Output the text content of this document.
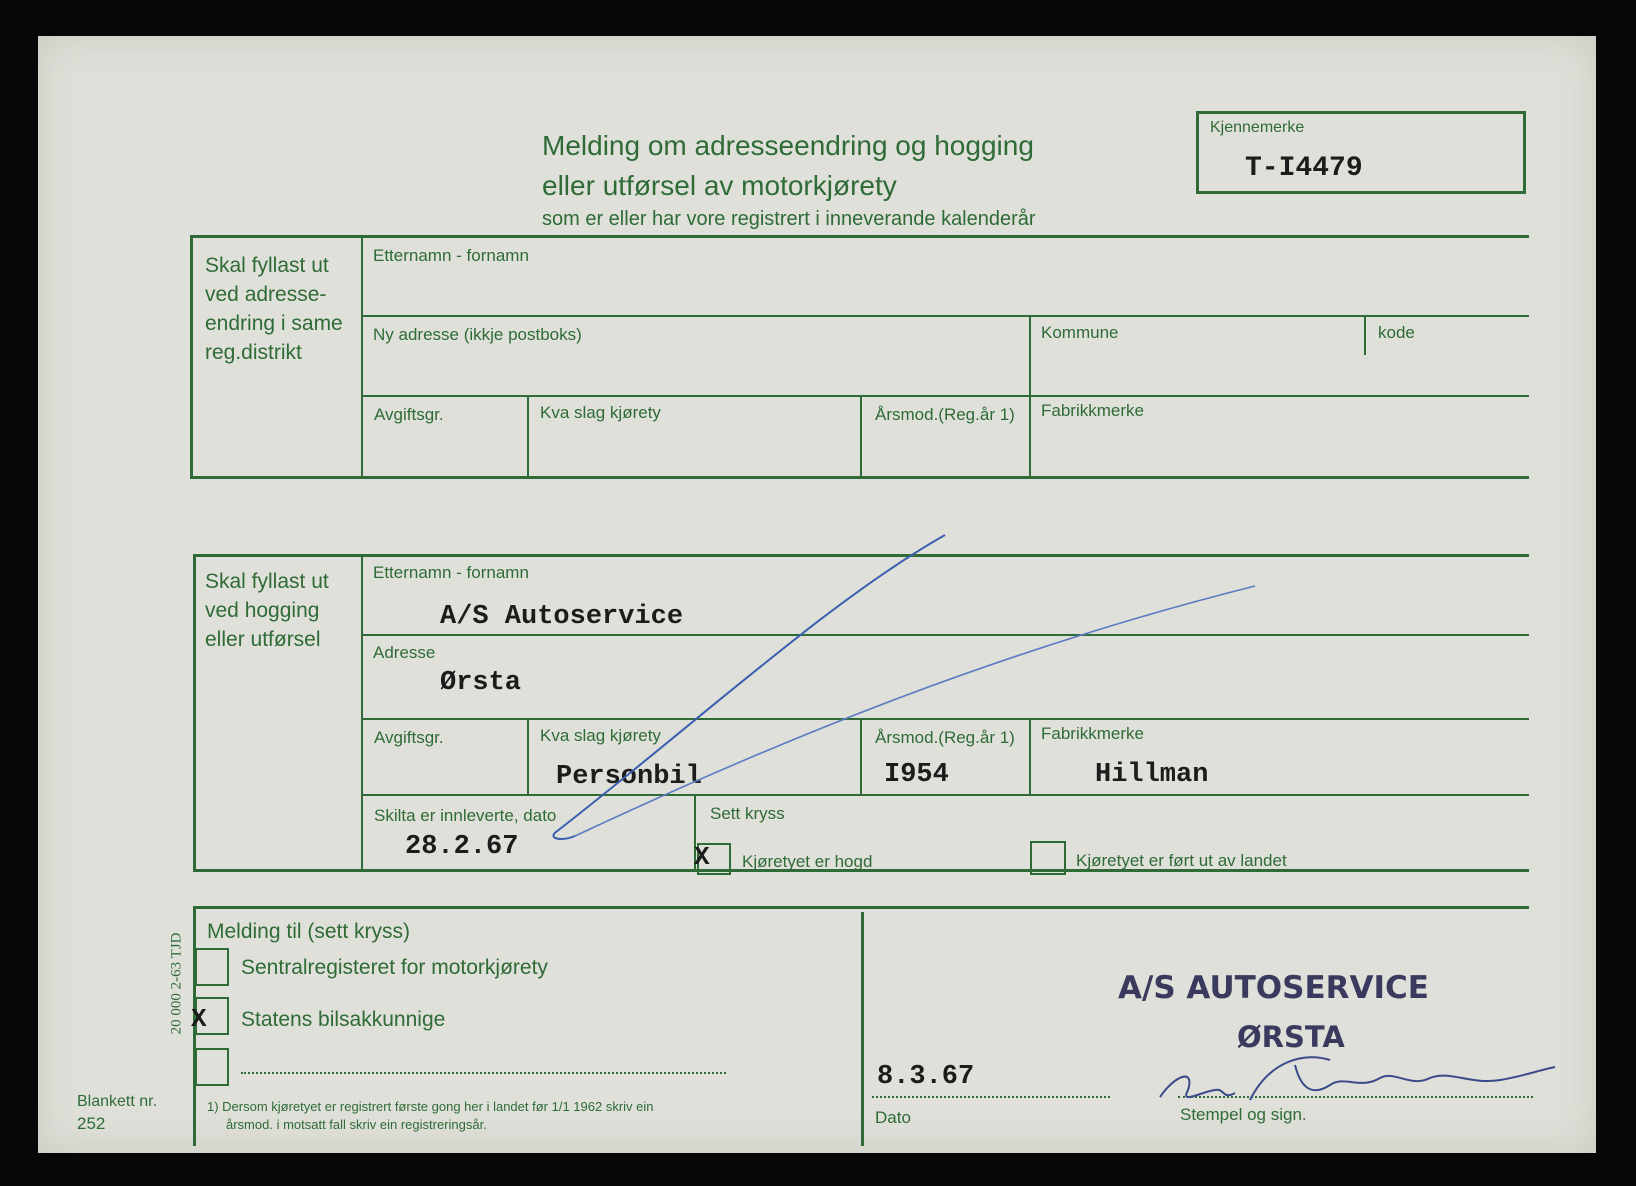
Melding om adresseendring og hogging
eller utførsel av motorkjørety
som er eller har vore registrert i inneverande kalenderår
Kjennemerke
T-I4479
Skal fyllast ut
ved adresse-
endring i same
reg.distrikt
Etternamn - fornamn
Ny adresse (ikkje postboks)	Kommune	kode
Avgiftsgr.	Kva slag kjørety	Årsmod.(Reg.år 1) Fabrikkmerke
Skal fyllast ut
ved hogging
eller utførsel
Etternamn - fornamn
A/S Autoservice
Adresse
Ørsta
Avgiftsgr.	Kva slag kjørety
Personbil
Årsmod.(Reg.år 1)
I954
Fabrikkmerke
Hillman
Skilta er innleverte, dato
28.2.67
Sett kryss
X Kjøretyet er hogd	Kjøretyet er ført ut av landet
Melding til (sett kryss)
Sentralregisteret for motorkjørety
X Statens bilsakkunnige
1) Dersom kjøretyet er registrert første gong her i landet før 1/1 1962 skriv ein
årsmod. i motsatt fall skriv ein registreringsår.
8.3.67
Dato
A/S AUTOSERVICE
ØRSTA
Stempel og sign.
20 000 2-63 TJD
Blankett nr.
252
